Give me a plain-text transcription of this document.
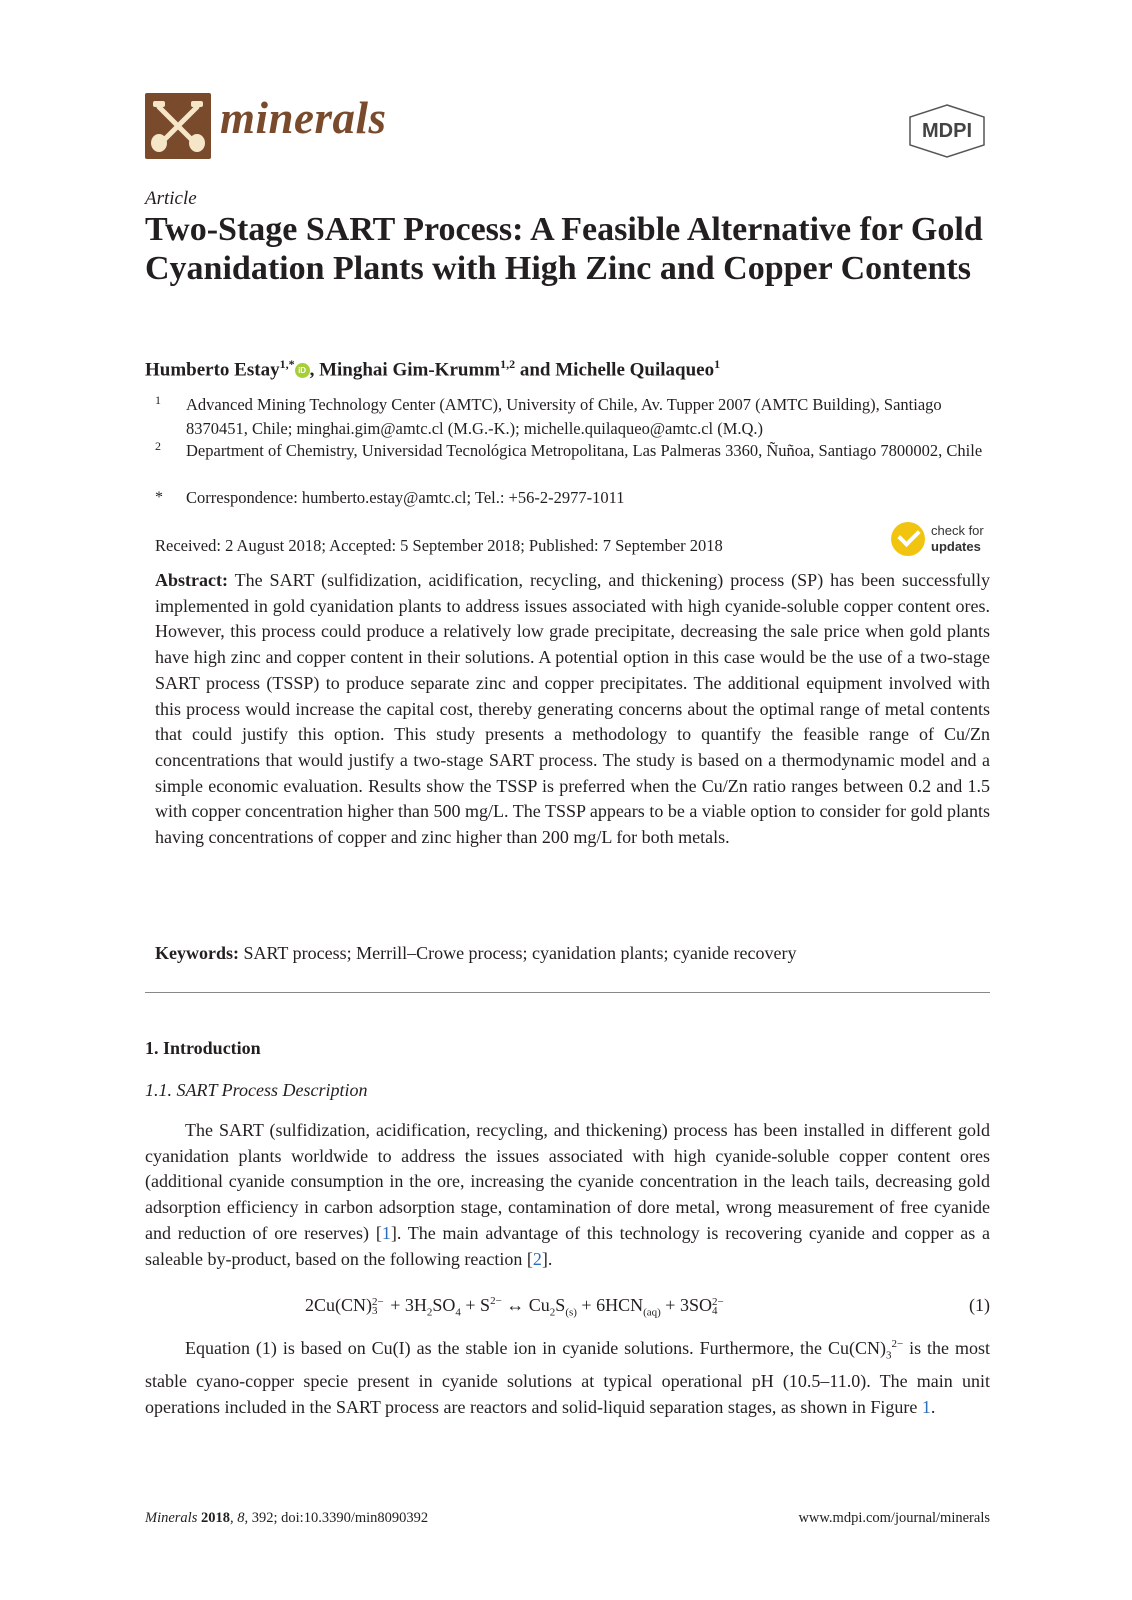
minerals	MDPI
Article
Two-Stage SART Process: A Feasible Alternative for Gold Cyanidation Plants with High Zinc and Copper Contents
Humberto Estay$^{1,*}$ iD , Minghai Gim-Krumm$^{1,2}$ and Michelle Quilaqueo$^1$
1 Advanced Mining Technology Center (AMTC), University of Chile, Av. Tupper 2007 (AMTC Building), Santiago 8370451, Chile; minghai.gim@amtc.cl (M.G.-K.); michelle.quilaqueo@amtc.cl (M.Q.)
2 Department of Chemistry, Universidad Tecnológica Metropolitana, Las Palmeras 3360, Ñuñoa, Santiago 7800002, Chile
* Correspondence: humberto.estay@amtc.cl; Tel.: +56-2-2977-1011
Received: 2 August 2018; Accepted: 5 September 2018; Published: 7 September 2018
check for
updates

Abstract: The SART (sulfidization, acidification, recycling, and thickening) process (SP) has been successfully implemented in gold cyanidation plants to address issues associated with high cyanide-soluble copper content ores. However, this process could produce a relatively low grade precipitate, decreasing the sale price when gold plants have high zinc and copper content in their solutions. A potential option in this case would be the use of a two-stage SART process (TSSP) to produce separate zinc and copper precipitates. The additional equipment involved with this process would increase the capital cost, thereby generating concerns about the optimal range of metal contents that could justify this option. This study presents a methodology to quantify the feasible range of Cu/Zn concentrations that would justify a two-stage SART process. The study is based on a thermodynamic model and a simple economic evaluation. Results show the TSSP is preferred when the Cu/Zn ratio ranges between 0.2 and 1.5 with copper concentration higher than 500 mg/L. The TSSP appears to be a viable option to consider for gold plants having concentrations of copper and zinc higher than 200 mg/L for both metals.

Keywords: SART process; Merrill–Crowe process; cyanidation plants; cyanide recovery

1. Introduction
1.1. SART Process Description

The SART (sulfidization, acidification, recycling, and thickening) process has been installed in different gold cyanidation plants worldwide to address the issues associated with high cyanide-soluble copper content ores (additional cyanide consumption in the ore, increasing the cyanide concentration in the leach tails, decreasing gold adsorption efficiency in carbon adsorption stage, contamination of dore metal, wrong measurement of free cyanide and reduction of ore reserves) [1]. The main advantage of this technology is recovering cyanide and copper as a saleable by-product, based on the following reaction [2].

2Cu(CN) 2−
$3 + 3H_2SO_4 + S^{2-}$ ↔ $Cu_2S_{(s)} + 6HCN_{(aq)} + 3SO$ 2−
4	(1)

Equation (1) is based on Cu(I) as the stable ion in cyanide solutions. Furthermore, the $Cu(CN)_3^{2-}$ is the most stable cyano-copper specie present in cyanide solutions at typical operational pH (10.5–11.0). The main unit operations included in the SART process are reactors and solid-liquid separation stages, as shown in Figure 1.

Minerals 2018, 8, 392; doi:10.3390/min8090392	www.mdpi.com/journal/minerals
